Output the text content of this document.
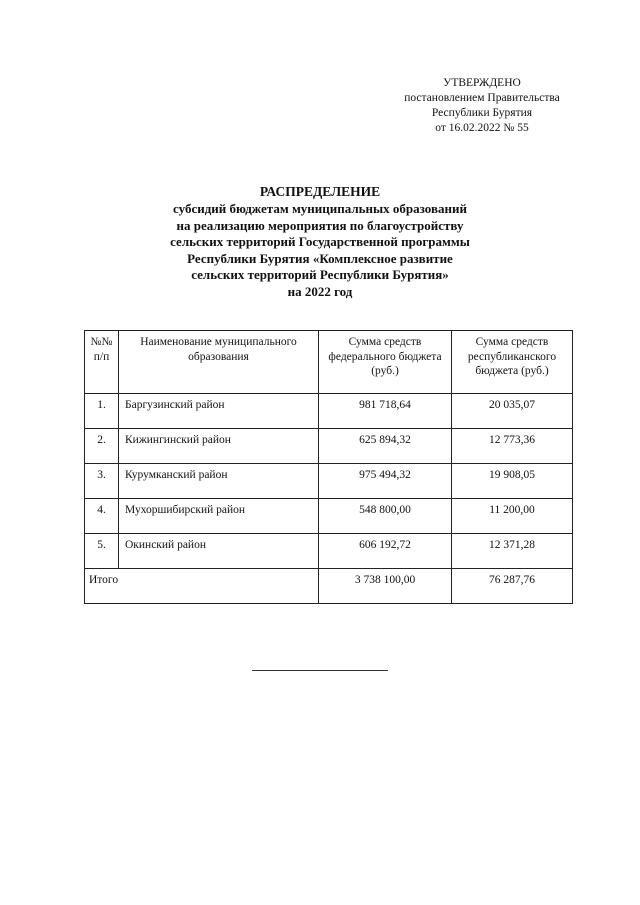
УТВЕРЖДЕНО
постановлением Правительства
Республики Бурятия
от 16.02.2022 № 55
РАСПРЕДЕЛЕНИЕ
субсидий бюджетам муниципальных образований
на реализацию мероприятия по благоустройству
сельских территорий Государственной программы
Республики Бурятия «Комплексное развитие
сельских территорий Республики Бурятия»
на 2022 год
№№ п/п	Наименование муниципального образования	Сумма средств федерального бюджета (руб.)	Сумма средств республиканского бюджета (руб.)
1.	Баргузинский район	981 718,64	20 035,07
2.	Кижингинский район	625 894,32	12 773,36
3.	Курумканский район	975 494,32	19 908,05
4.	Мухоршибирский район	548 800,00	11 200,00
5.	Окинский район	606 192,72	12 371,28
Итого		3 738 100,00	76 287,76
